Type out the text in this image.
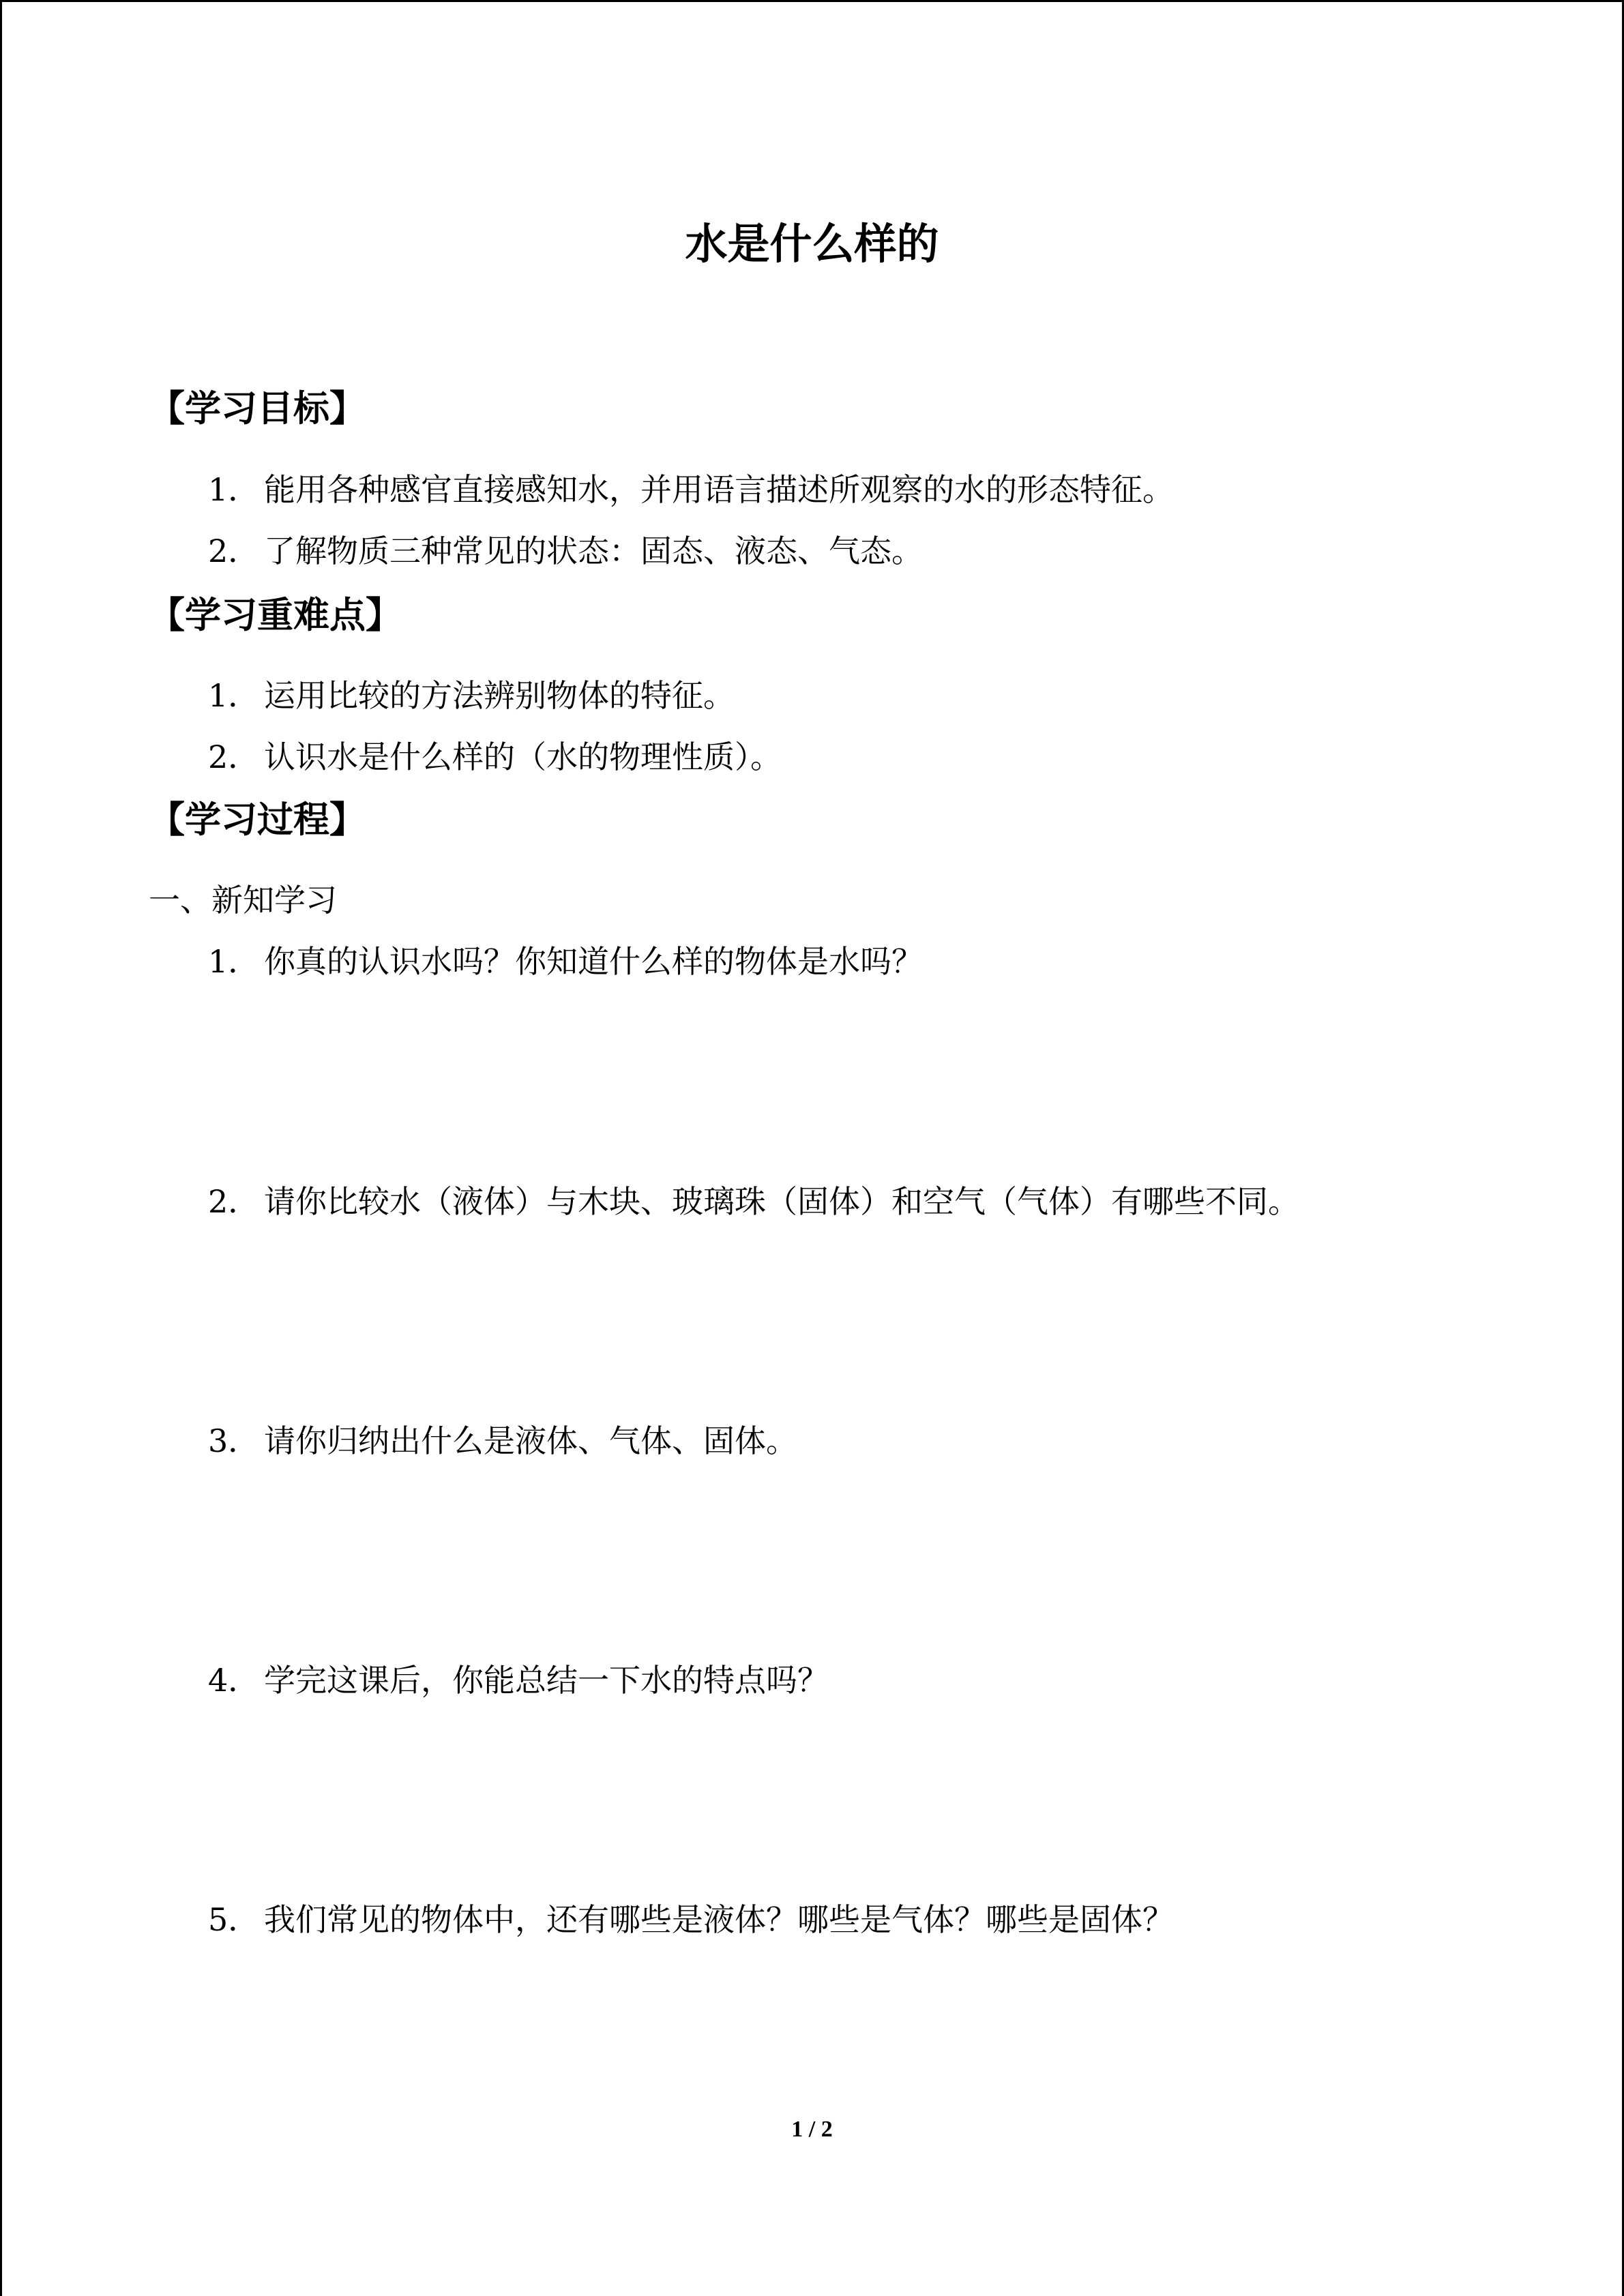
水是什么样的
【学习目标】
1． 能用各种感官直接感知水，并用语言描述所观察的水的形态特征。
2． 了解物质三种常见的状态：固态、液态、气态。
【学习重难点】
1． 运用比较的方法辨别物体的特征。
2． 认识水是什么样的（水的物理性质）。
【学习过程】
一、新知学习
1． 你真的认识水吗？你知道什么样的物体是水吗？
2． 请你比较水（液体）与木块、玻璃珠（固体）和空气（气体）有哪些不同。
3． 请你归纳出什么是液体、气体、固体。
4． 学完这课后，你能总结一下水的特点吗？
5． 我们常见的物体中，还有哪些是液体？哪些是气体？哪些是固体？
1 / 2
